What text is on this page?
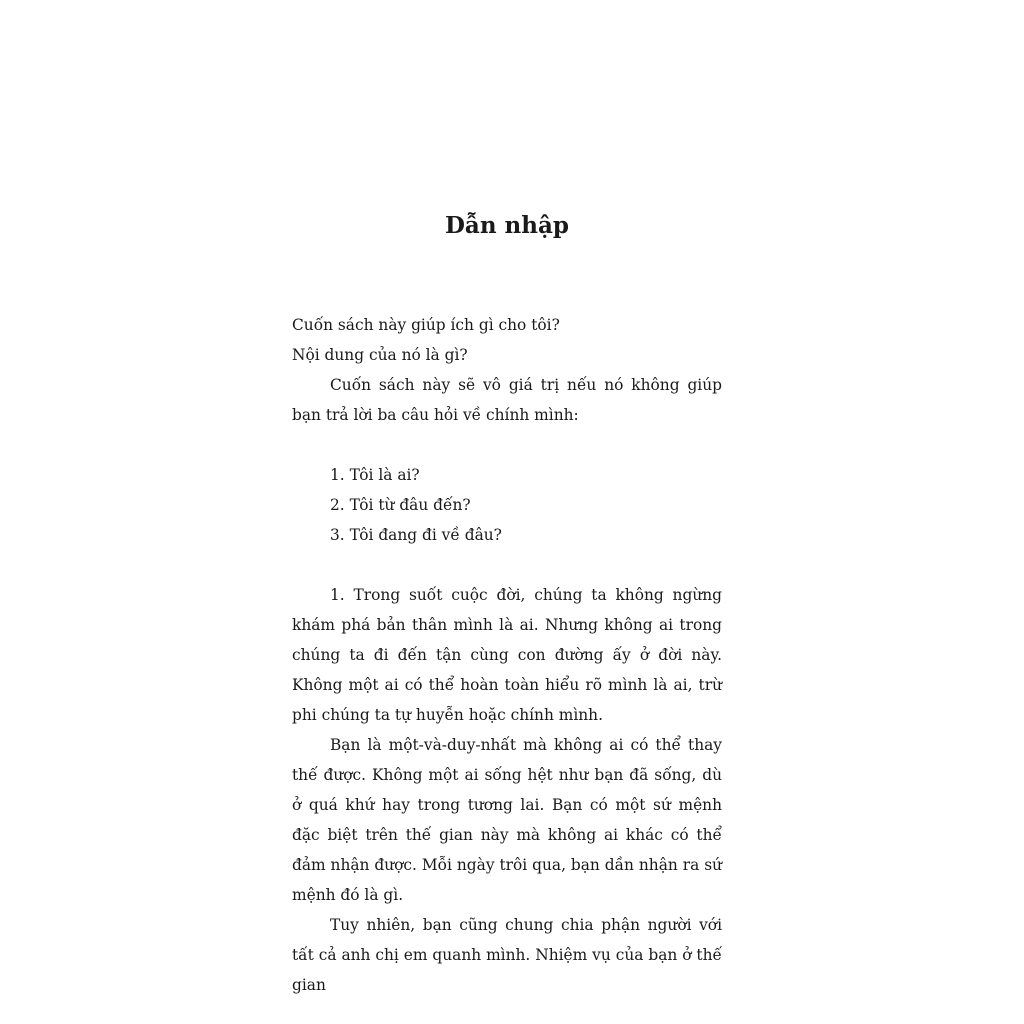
Dẫn nhập

Cuốn sách này giúp ích gì cho tôi?

Nội dung của nó là gì?

Cuốn sách này sẽ vô giá trị nếu nó không giúp bạn trả lời ba câu hỏi về chính mình:

1. Tôi là ai?
2. Tôi từ đâu đến?
3. Tôi đang đi về đâu?

1. Trong suốt cuộc đời, chúng ta không ngừng khám phá bản thân mình là ai. Nhưng không ai trong chúng ta đi đến tận cùng con đường ấy ở đời này. Không một ai có thể hoàn toàn hiểu rõ mình là ai, trừ phi chúng ta tự huyễn hoặc chính mình.

Bạn là một-và-duy-nhất mà không ai có thể thay thế được. Không một ai sống hệt như bạn đã sống, dù ở quá khứ hay trong tương lai. Bạn có một sứ mệnh đặc biệt trên thế gian này mà không ai khác có thể đảm nhận được. Mỗi ngày trôi qua, bạn dần nhận ra sứ mệnh đó là gì.

Tuy nhiên, bạn cũng chung chia phận người với tất cả anh chị em quanh mình. Nhiệm vụ của bạn ở thế gian
